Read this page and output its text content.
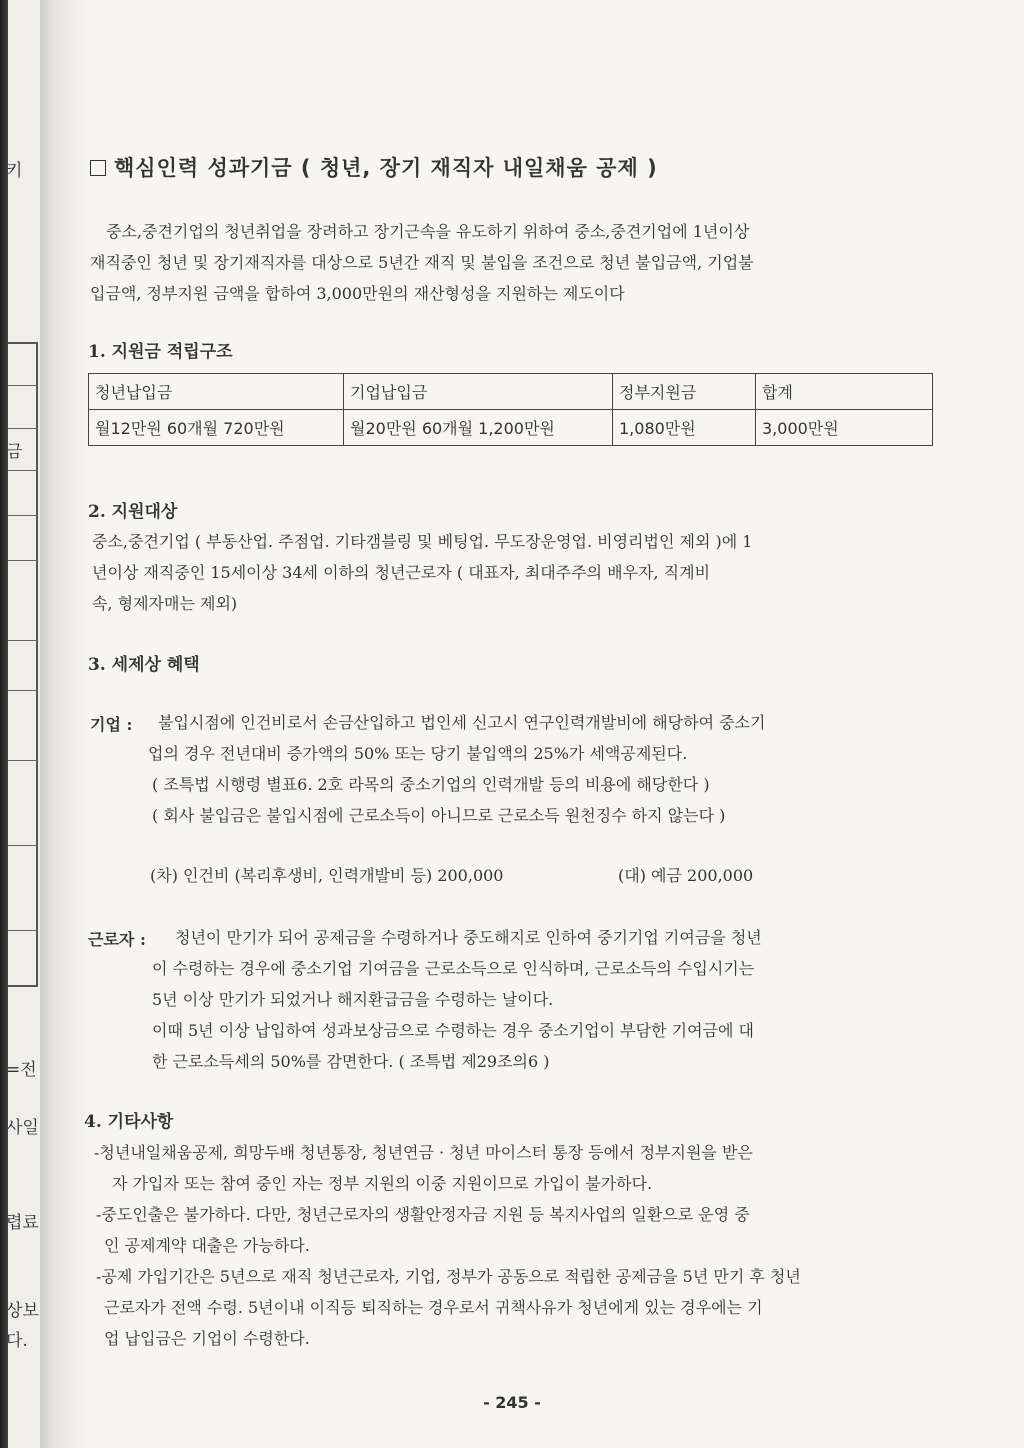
키
금
=전
사일
렵료
상보
다.
핵심인력 성과기금 ( 청년, 장기 재직자 내일채움 공제 )
중소,중견기업의 청년취업을 장려하고 장기근속을 유도하기 위하여 중소,중견기업에 1년이상
재직중인 청년 및 장기재직자를 대상으로 5년간 재직 및 불입을 조건으로 청년 불입금액, 기업불
입금액, 정부지원 금액을 합하여 3,000만원의 재산형성을 지원하는 제도이다
1. 지원금 적립구조
청년납입금	기업납입금	정부지원금	합계
월12만원 60개월 720만원	월20만원 60개월 1,200만원	1,080만원	3,000만원
2. 지원대상
중소,중견기업 ( 부동산업. 주점업. 기타갬블링 및 베팅업. 무도장운영업. 비영리법인 제외 )에 1
년이상 재직중인 15세이상 34세 이하의 청년근로자 ( 대표자, 최대주주의 배우자, 직계비
속, 형제자매는 제외)
3. 세제상 혜택
기업 : 불입시점에 인건비로서 손금산입하고 법인세 신고시 연구인력개발비에 해당하여 중소기
업의 경우 전년대비 증가액의 50% 또는 당기 불입액의 25%가 세액공제된다.
( 조특법 시행령 별표6. 2호 라목의 중소기업의 인력개발 등의 비용에 해당한다 )
( 회사 불입금은 불입시점에 근로소득이 아니므로 근로소득 원천징수 하지 않는다 )
(차) 인건비 (복리후생비, 인력개발비 등) 200,000	(대) 예금 200,000
근로자 : 청년이 만기가 되어 공제금을 수령하거나 중도해지로 인하여 중기기업 기여금을 청년
이 수령하는 경우에 중소기업 기여금을 근로소득으로 인식하며, 근로소득의 수입시기는
5년 이상 만기가 되었거나 해지환급금을 수령하는 날이다.
이때 5년 이상 납입하여 성과보상금으로 수령하는 경우 중소기업이 부담한 기여금에 대
한 근로소득세의 50%를 감면한다. ( 조특법 제29조의6 )
4. 기타사항
-청년내일채움공제, 희망두배 청년통장, 청년연금 · 청년 마이스터 통장 등에서 정부지원을 받은
자 가입자 또는 참여 중인 자는 정부 지원의 이중 지원이므로 가입이 불가하다.
-중도인출은 불가하다. 다만, 청년근로자의 생활안정자금 지원 등 복지사업의 일환으로 운영 중
인 공제계약 대출은 가능하다.
-공제 가입기간은 5년으로 재직 청년근로자, 기업, 정부가 공동으로 적립한 공제금을 5년 만기 후 청년
근로자가 전액 수령. 5년이내 이직등 퇴직하는 경우로서 귀책사유가 청년에게 있는 경우에는 기
업 납입금은 기업이 수령한다.
- 245 -
